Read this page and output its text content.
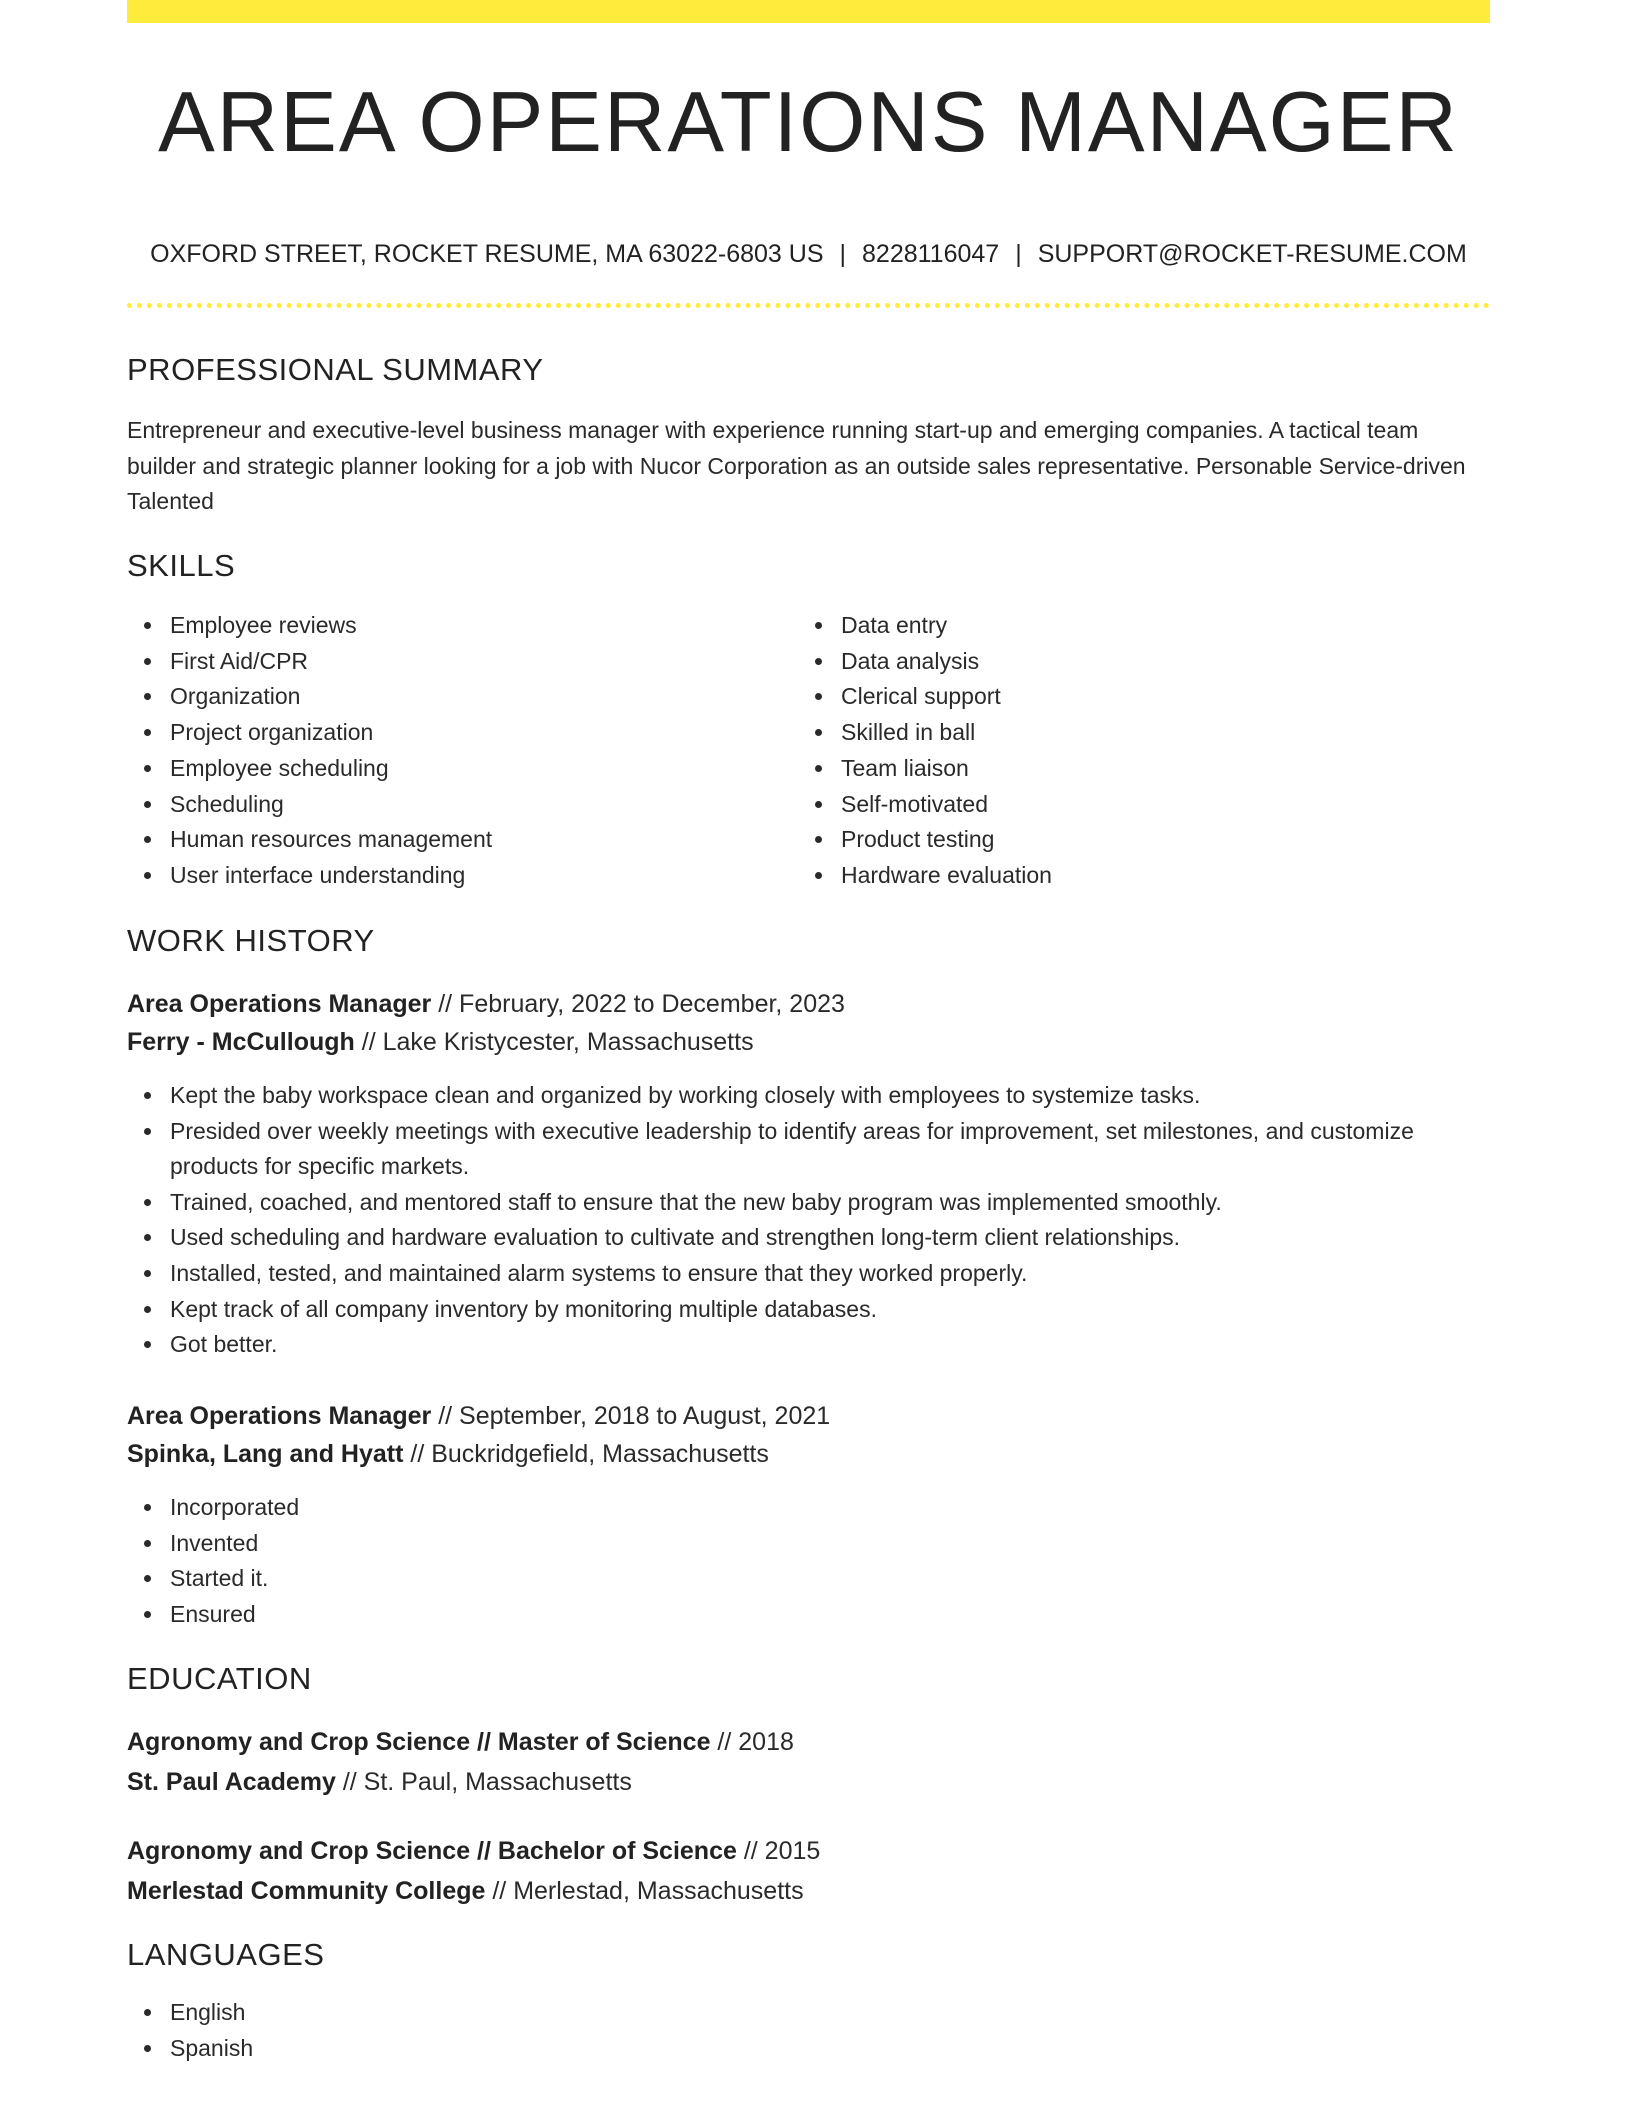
AREA OPERATIONS MANAGER
OXFORD STREET, ROCKET RESUME, MA 63022-6803 US | 8228116047 | SUPPORT@ROCKET-RESUME.COM
PROFESSIONAL SUMMARY

Entrepreneur and executive-level business manager with experience running start-up and emerging companies. A tactical team builder and strategic planner looking for a job with Nucor Corporation as an outside sales representative. Personable Service-driven Talented

SKILLS
Employee reviews
First Aid/CPR
Organization
Project organization
Employee scheduling
Scheduling
Human resources management
User interface understanding
Data entry
Data analysis
Clerical support
Skilled in ball
Team liaison
Self-motivated
Product testing
Hardware evaluation
WORK HISTORY
Area Operations Manager // February, 2022 to December, 2023
Ferry - McCullough // Lake Kristycester, Massachusetts
Kept the baby workspace clean and organized by working closely with employees to systemize tasks.
Presided over weekly meetings with executive leadership to identify areas for improvement, set milestones, and customize products for specific markets.
Trained, coached, and mentored staff to ensure that the new baby program was implemented smoothly.
Used scheduling and hardware evaluation to cultivate and strengthen long-term client relationships.
Installed, tested, and maintained alarm systems to ensure that they worked properly.
Kept track of all company inventory by monitoring multiple databases.
Got better.
Area Operations Manager // September, 2018 to August, 2021
Spinka, Lang and Hyatt // Buckridgefield, Massachusetts
Incorporated
Invented
Started it.
Ensured
EDUCATION
Agronomy and Crop Science // Master of Science // 2018
St. Paul Academy // St. Paul, Massachusetts
Agronomy and Crop Science // Bachelor of Science // 2015
Merlestad Community College // Merlestad, Massachusetts
LANGUAGES
English
Spanish
